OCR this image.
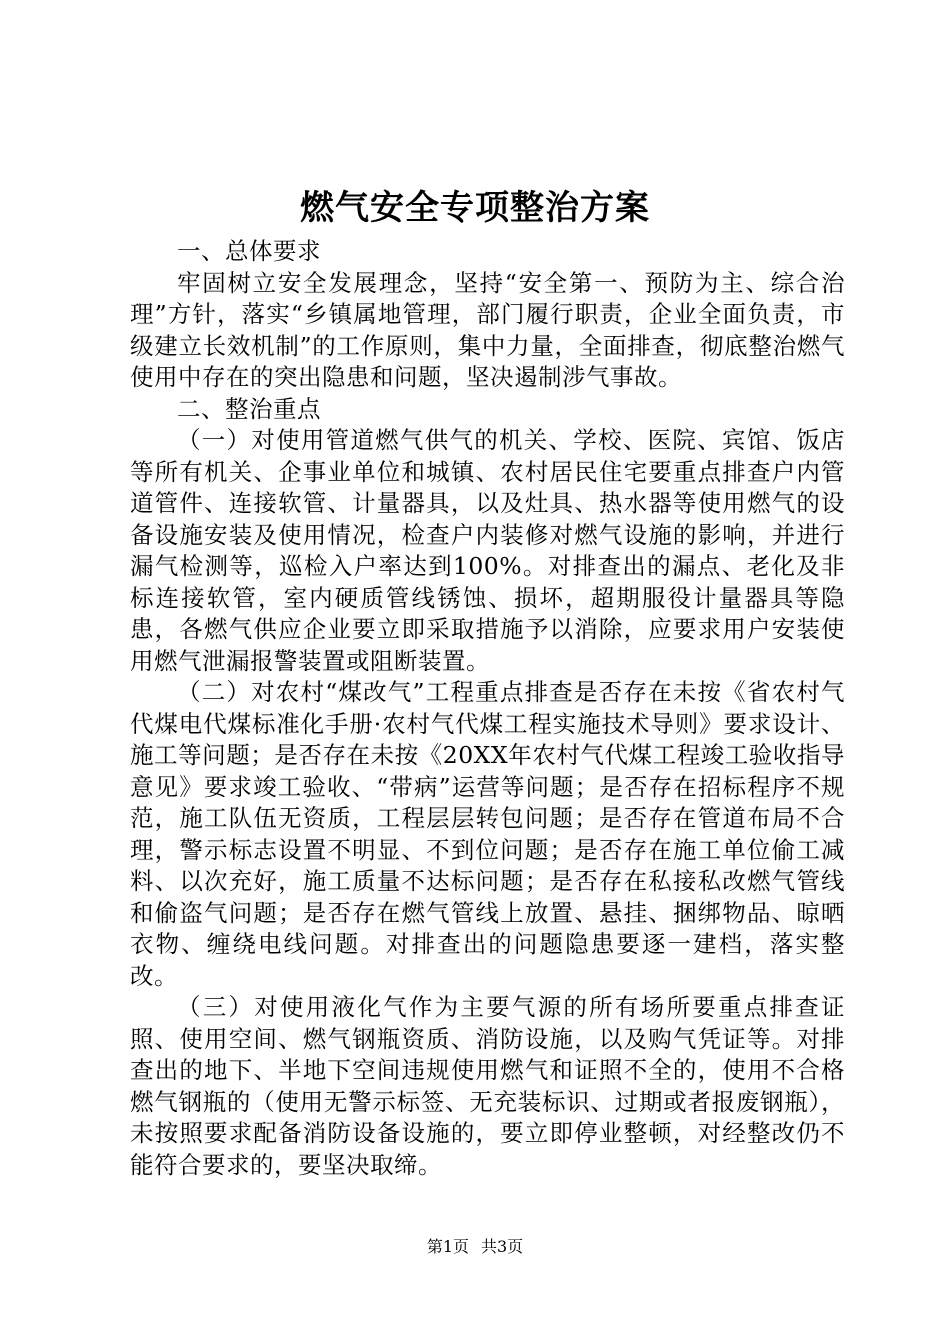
燃气安全专项整治方案

一、总体要求

牢固树立安全发展理念，坚持“安全第一、预防为主、综合治理”方针，落实“乡镇属地管理，部门履行职责，企业全面负责，市级建立长效机制”的工作原则，集中力量，全面排查，彻底整治燃气使用中存在的突出隐患和问题，坚决遏制涉气事故。

二、整治重点

（一）对使用管道燃气供气的机关、学校、医院、宾馆、饭店等所有机关、企事业单位和城镇、农村居民住宅要重点排查户内管道管件、连接软管、计量器具，以及灶具、热水器等使用燃气的设备设施安装及使用情况，检查户内装修对燃气设施的影响，并进行漏气检测等，巡检入户率达到100%。对排查出的漏点、老化及非标连接软管，室内硬质管线锈蚀、损坏，超期服役计量器具等隐患，各燃气供应企业要立即采取措施予以消除，应要求用户安装使用燃气泄漏报警装置或阻断装置。

（二）对农村“煤改气”工程重点排查是否存在未按《省农村气代煤电代煤标准化手册·农村气代煤工程实施技术导则》要求设计、施工等问题；是否存在未按《20XX年农村气代煤工程竣工验收指导意见》要求竣工验收、“带病”运营等问题；是否存在招标程序不规范，施工队伍无资质，工程层层转包问题；是否存在管道布局不合理，警示标志设置不明显、不到位问题；是否存在施工单位偷工减料、以次充好，施工质量不达标问题；是否存在私接私改燃气管线和偷盗气问题；是否存在燃气管线上放置、悬挂、捆绑物品、晾晒衣物、缠绕电线问题。对排查出的问题隐患要逐一建档，落实整改。

（三）对使用液化气作为主要气源的所有场所要重点排查证照、使用空间、燃气钢瓶资质、消防设施，以及购气凭证等。对排查出的地下、半地下空间违规使用燃气和证照不全的，使用不合格燃气钢瓶的（使用无警示标签、无充装标识、过期或者报废钢瓶），未按照要求配备消防设备设施的，要立即停业整顿，对经整改仍不能符合要求的，要坚决取缔。

第1页 共3页
